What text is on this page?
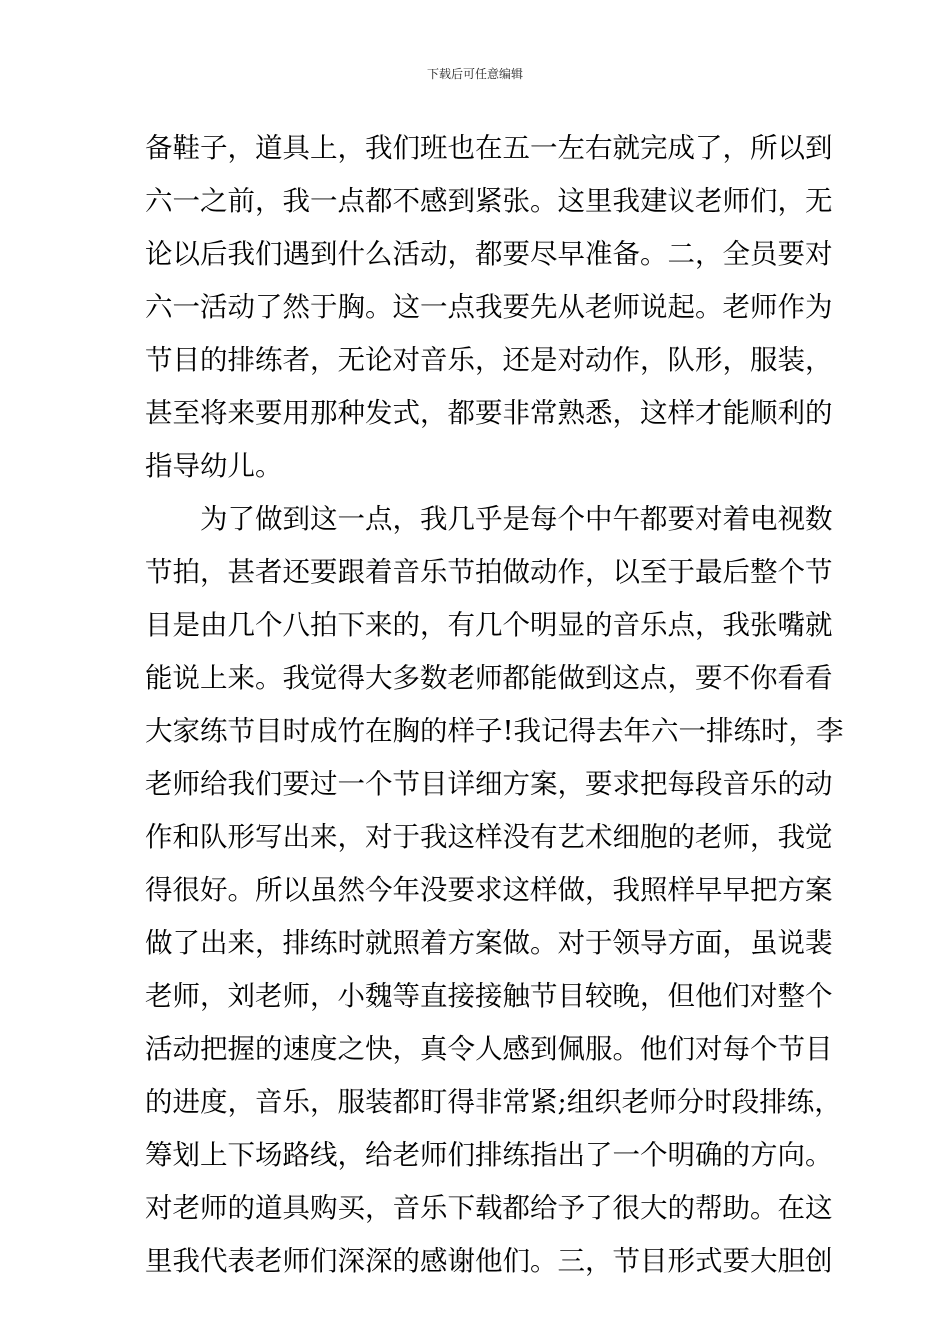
下载后可任意编辑
备鞋子，道具上，我们班也在五一左右就完成了，所以到
六一之前，我一点都不感到紧张。这里我建议老师们，无
论以后我们遇到什么活动，都要尽早准备。二，全员要对
六一活动了然于胸。这一点我要先从老师说起。老师作为
节目的排练者，无论对音乐，还是对动作，队形，服装，
甚至将来要用那种发式，都要非常熟悉，这样才能顺利的
指导幼儿。
　　为了做到这一点，我几乎是每个中午都要对着电视数
节拍，甚者还要跟着音乐节拍做动作，以至于最后整个节
目是由几个八拍下来的，有几个明显的音乐点，我张嘴就
能说上来。我觉得大多数老师都能做到这点，要不你看看
大家练节目时成竹在胸的样子!我记得去年六一排练时，李
老师给我们要过一个节目详细方案，要求把每段音乐的动
作和队形写出来，对于我这样没有艺术细胞的老师，我觉
得很好。所以虽然今年没要求这样做，我照样早早把方案
做了出来，排练时就照着方案做。对于领导方面，虽说裴
老师，刘老师，小魏等直接接触节目较晚，但他们对整个
活动把握的速度之快，真令人感到佩服。他们对每个节目
的进度，音乐，服装都盯得非常紧;组织老师分时段排练，
筹划上下场路线，给老师们排练指出了一个明确的方向。
对老师的道具购买，音乐下载都给予了很大的帮助。在这
里我代表老师们深深的感谢他们。三，节目形式要大胆创
